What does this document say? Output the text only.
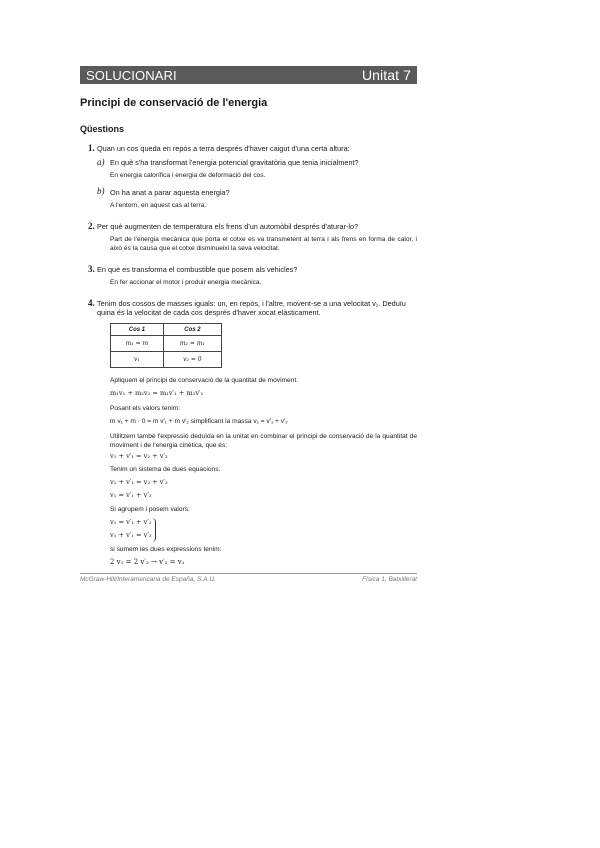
SOLUCIONARI	Unitat 7
Principi de conservació de l'energia
Qüestions
1. Quan un cos queda en repós a terra després d'haver caigut d'una certa altura:
a) En què s'ha transformat l'energia potencial gravitatòria que tenia inicialment?
En energia calorífica i energia de deformació del cos.
b) On ha anat a parar aquesta energia?
A l'entorn, en aquest cas al terra.
2. Per què augmenten de temperatura els frens d'un automòbil després d'aturar-lo?
Part de l'energia mecànica que porta el cotxe es va transmetent al terra i als frens en forma de calor, i això és la causa que el cotxe disminueixi la seva velocitat.
3. En què es transforma el combustible que posem als vehicles?
En fer accionar el motor i produir energia mecànica.
4. Tenim dos cossos de masses iguals: un, en repòs, i l'altre, movent-se a una velocitat v₁. Deduïu
quina és la velocitat de cada cos després d'haver xocat elàsticament.
Cos 1	Cos 2
m₁ = m	m₂ = m₁
v₁	v₂ = 0
Apliquem el principi de conservació de la quantitat de moviment.
m₁v₁ + m₂v₂ = m₁v′₁ + m₂v′₂
Posant els valors tenim:
m v₁ + m · 0 = m v′₁ + m v′₂ simplificant la massa v₁ = v′₁ + v′₂
Utilitzem també l'expressió deduïda en la unitat en combinar el principi de conservació de la quantitat de moviment i de l'energia cinètica, que és:
v₁ + v′₁ = v₂ + v′₂
Tenim un sistema de dues equacions:
v₁ + v′₁ = v₂ + v′₂
v₁ = v′₁ + v′₂
Si agrupem i posem valors:
v₁ = v′₁ + v′₂
v₁ + v′₁ = v′₂
si sumem les dues expressions tenim:
2 v₁ = 2 v′₂ → v′₂ = v₁
McGraw-Hill/Interamericana de España, S.A.U.	Física 1. Batxillerat
